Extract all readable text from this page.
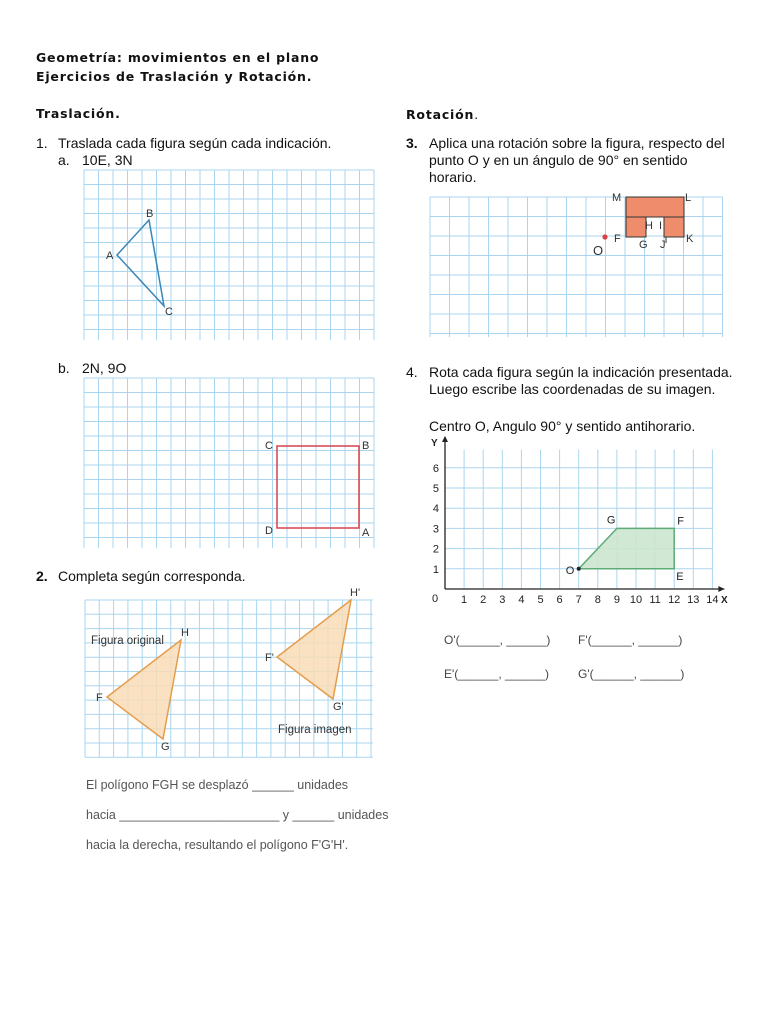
Geometría: movimientos en el plano
Ejercicios de Traslación y Rotación.
Traslación.
1. Traslada cada figura según cada indicación.
a. 10E, 3N
B
A
C
b. 2N, 9O
C	B
D	A
2. Completa según corresponda.
Figura original
H
F
G
H'
F'
G'
Figura imagen
El polígono FGH se desplazó ______ unidades
hacia _______________________ y ______ unidades
hacia la derecha, resultando el polígono F'G'H'.
Rotación.
3. Aplica una rotación sobre la figura, respecto del
punto O y en un ángulo de 90° en sentido
horario.
M	L
H I
F G J K
O
4. Rota cada figura según la indicación presentada.
Luego escribe las coordenadas de su imagen.
Centro O, Angulo 90° y sentido antihorario.
1 2 3 4 5 6 7 8 9 10 11 12 13 14
1
2
3
4
5
6
Y
X
0
O
G	F
E
O'(______, ______) F'(______, ______)
E'(______, ______) G'(______, ______)
